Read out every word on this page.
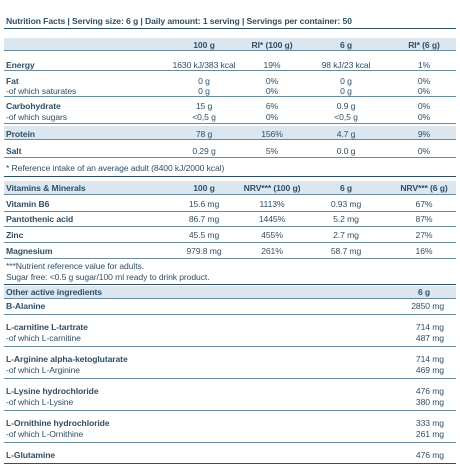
Nutrition Facts | Serving size: 6 g | Daily amount: 1 serving | Servings per container: 50
100 g	RI* (100 g)	6 g	RI* (6 g)
Energy	1630 kJ/383 kcal	19%	98 kJ/23 kcal	1%
Fat	0 g	0%	0 g	0%
-of which saturates	0 g	0%	0 g	0%
Carbohydrate	15 g	6%	0.9 g	0%
-of which sugars	<0,5 g	0%	<0,5 g	0%
Protein	78 g	156%	4.7 g	9%
Salt	0.29 g	5%	0.0 g	0%
* Reference intake of an average adult (8400 kJ/2000 kcal)
Vitamins & Minerals	100 g	NRV*** (100 g)	6 g	NRV*** (6 g)
Vitamin B6	15.6 mg	1113%	0.93 mg	67%
Pantothenic acid	86.7 mg	1445%	5.2 mg	87%
Zinc	45.5 mg	455%	2.7 mg	27%
Magnesium	979.8 mg	261%	58.7 mg	16%
***Nutrient reference value for adults.
Sugar free: <0.5 g sugar/100 ml ready to drink product.
Other active ingredients	6 g
B-Alanine	2850 mg
L-carnitine L-tartrate	714 mg
-of which L-carnitine	487 mg
L-Arginine alpha-ketoglutarate	714 mg
-of which L-Arginine	469 mg
L-Lysine hydrochloride	476 mg
-of which L-Lysine	380 mg
L-Ornithine hydrochloride	333 mg
-of which L-Ornithine	261 mg
L-Glutamine	476 mg
